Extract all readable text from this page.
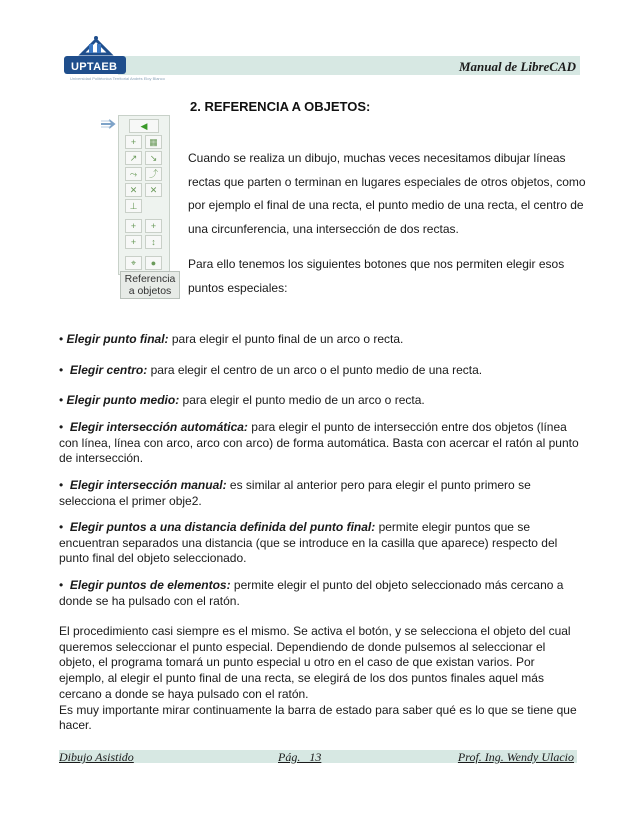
UPTAEB
Universidad Politécnica Territorial Andrés Eloy Blanco
Manual de LibreCAD
2. REFERENCIA A OBJETOS:
◀
+	▦
↗	↘
⤳	⤴
✕	✕
⊥
+	+
+	↕
⌖	●
Referencia
a objetos

Cuando se realiza un dibujo, muchas veces necesitamos dibujar líneas rectas que parten o terminan en lugares especiales de otros objetos, como por ejemplo el final de una recta, el punto medio de una recta, el centro de una circunferencia, una intersección de dos rectas.

Para ello tenemos los siguientes botones que nos permiten elegir esos puntos especiales:

• Elegir punto final: para elegir el punto final de un arco o recta.

• Elegir centro: para elegir el centro de un arco o el punto medio de una recta.

• Elegir punto medio: para elegir el punto medio de un arco o recta.

• Elegir intersección automática: para elegir el punto de intersección entre dos objetos (línea con línea, línea con arco, arco con arco) de forma automática. Basta con acercar el ratón al punto de intersección.

• Elegir intersección manual: es similar al anterior pero para elegir el punto primero se selecciona el primer obje2.

• Elegir puntos a una distancia definida del punto final: permite elegir puntos que se encuentran separados una distancia (que se introduce en la casilla que aparece) respecto del punto final del objeto seleccionado.

• Elegir puntos de elementos: permite elegir el punto del objeto seleccionado más cercano a donde se ha pulsado con el ratón.

El procedimiento casi siempre es el mismo. Se activa el botón, y se selecciona el objeto del cual queremos seleccionar el punto especial. Dependiendo de donde pulsemos al seleccionar el objeto, el programa tomará un punto especial u otro en el caso de que existan varios. Por ejemplo, al elegir el punto final de una recta, se elegirá de los dos puntos finales aquel más cercano a donde se haya pulsado con el ratón.

Es muy importante mirar continuamente la barra de estado para saber qué es lo que se tiene que hacer.

Dibujo Asistido	Pág.   13	Prof. Ing. Wendy Ulacio
